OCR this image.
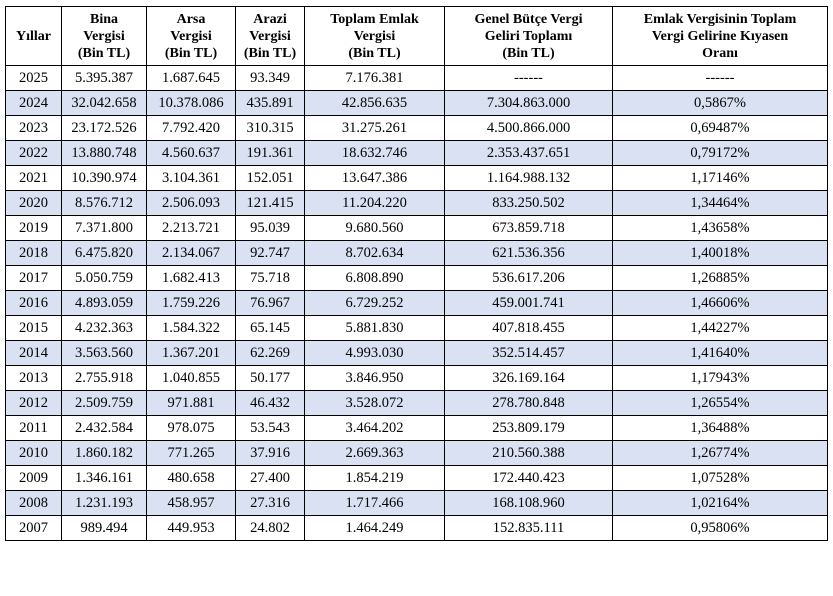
Yıllar	Bina
Vergisi
(Bin TL)	Arsa
Vergisi
(Bin TL)	Arazi
Vergisi
(Bin TL)	Toplam Emlak
Vergisi
(Bin TL)	Genel Bütçe Vergi
Geliri Toplamı
(Bin TL)	Emlak Vergisinin Toplam
Vergi Gelirine Kıyasen
Oranı

2025	5.395.387	1.687.645	93.349	7.176.381	------	------
2024	32.042.658	10.378.086	435.891	42.856.635	7.304.863.000	0,5867%
2023	23.172.526	7.792.420	310.315	31.275.261	4.500.866.000	0,69487%
2022	13.880.748	4.560.637	191.361	18.632.746	2.353.437.651	0,79172%
2021	10.390.974	3.104.361	152.051	13.647.386	1.164.988.132	1,17146%
2020	8.576.712	2.506.093	121.415	11.204.220	833.250.502	1,34464%
2019	7.371.800	2.213.721	95.039	9.680.560	673.859.718	1,43658%
2018	6.475.820	2.134.067	92.747	8.702.634	621.536.356	1,40018%
2017	5.050.759	1.682.413	75.718	6.808.890	536.617.206	1,26885%
2016	4.893.059	1.759.226	76.967	6.729.252	459.001.741	1,46606%
2015	4.232.363	1.584.322	65.145	5.881.830	407.818.455	1,44227%
2014	3.563.560	1.367.201	62.269	4.993.030	352.514.457	1,41640%
2013	2.755.918	1.040.855	50.177	3.846.950	326.169.164	1,17943%
2012	2.509.759	971.881	46.432	3.528.072	278.780.848	1,26554%
2011	2.432.584	978.075	53.543	3.464.202	253.809.179	1,36488%
2010	1.860.182	771.265	37.916	2.669.363	210.560.388	1,26774%
2009	1.346.161	480.658	27.400	1.854.219	172.440.423	1,07528%
2008	1.231.193	458.957	27.316	1.717.466	168.108.960	1,02164%
2007	989.494	449.953	24.802	1.464.249	152.835.111	0,95806%
